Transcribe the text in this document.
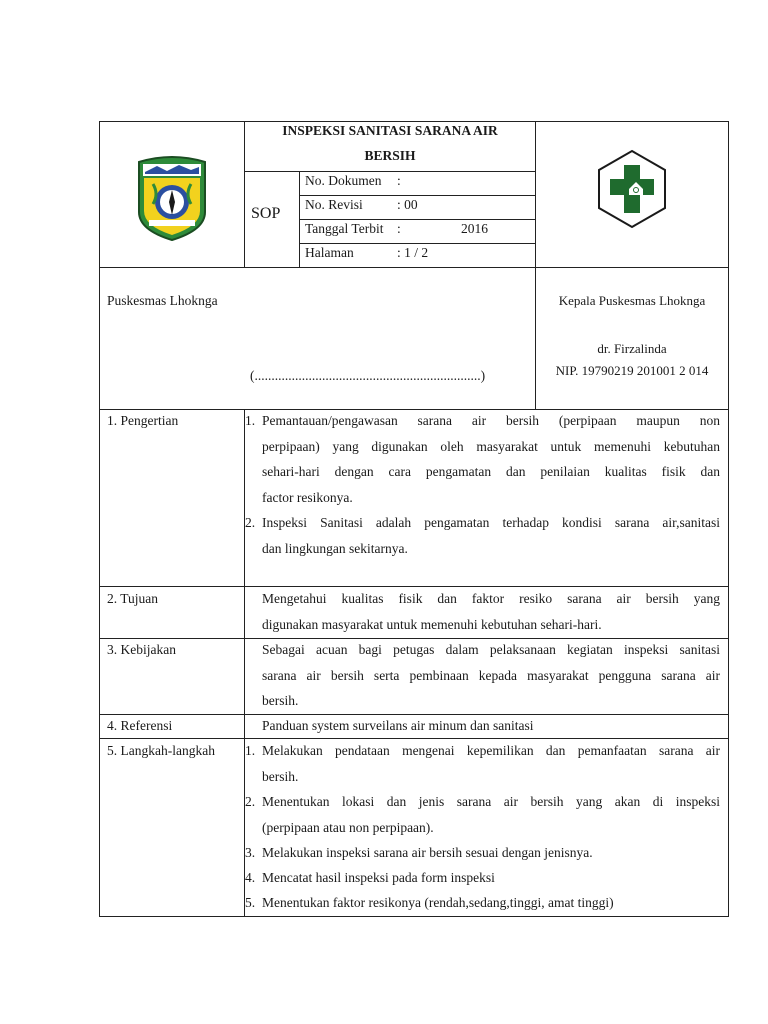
INSPEKSI SANITASI SARANA AIR
BERSIH
SOP
No. Dokumen :
No. Revisi	: 00
Tanggal Terbit :	2016
Halaman	: 1 / 2
Puskesmas Lhoknga
(...................................................................)
Kepala Puskesmas Lhoknga
dr. Firzalinda
NIP. 19790219 201001 2 014
1. Pengertian	1. Pemantauan/pengawasan sarana air bersih (perpipaan maupun non
perpipaan) yang digunakan oleh masyarakat untuk memenuhi kebutuhan
sehari-hari dengan cara pengamatan dan penilaian kualitas fisik dan
factor resikonya.
2. Inspeksi Sanitasi adalah pengamatan terhadap kondisi sarana air,sanitasi
dan lingkungan sekitarnya.
2. Tujuan	Mengetahui kualitas fisik dan faktor resiko sarana air bersih yang
digunakan masyarakat untuk memenuhi kebutuhan sehari-hari.
3. Kebijakan	Sebagai acuan bagi petugas dalam pelaksanaan kegiatan inspeksi sanitasi
sarana air bersih serta pembinaan kepada masyarakat pengguna sarana air
bersih.
4. Referensi	Panduan system surveilans air minum dan sanitasi
5. Langkah-langkah 1. Melakukan pendataan mengenai kepemilikan dan pemanfaatan sarana air
bersih.
2. Menentukan lokasi dan jenis sarana air bersih yang akan di inspeksi
(perpipaan atau non perpipaan).
3. Melakukan inspeksi sarana air bersih sesuai dengan jenisnya.
4. Mencatat hasil inspeksi pada form inspeksi
5. Menentukan faktor resikonya (rendah,sedang,tinggi, amat tinggi)
